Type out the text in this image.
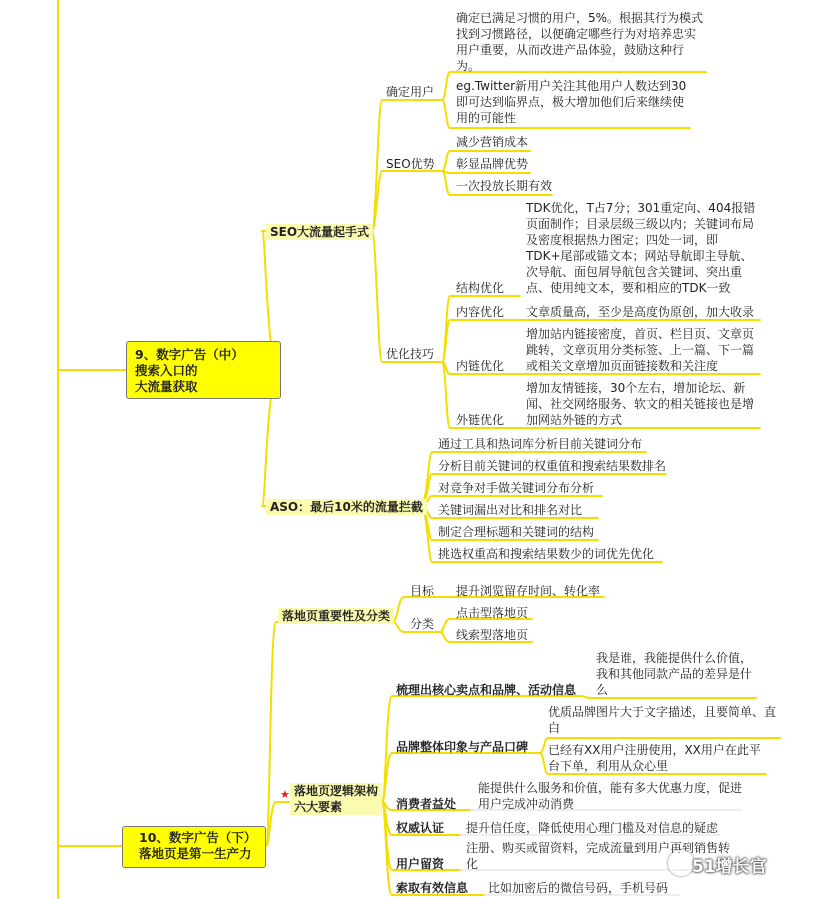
9、数字广告（中）
搜索入口的
大流量获取
SEO大流量起手式
确定用户
确定已满足习惯的用户，5%。根据其行为模式找到习惯路径，以便确定哪些行为对培养忠实用户重要，从而改进产品体验，鼓励这种行为。
eg.Twitter新用户关注其他用户人数达到30即可达到临界点，极大增加他们后来继续使用的可能性
SEO优势
减少营销成本
彰显品牌优势
一次投放长期有效
优化技巧
结构优化
TDK优化，T占7分；301重定向、404报错页面制作；目录层级三级以内；关键词布局及密度根据热力图定；四处一词，即TDK+尾部或锚文本；网站导航即主导航、次导航、面包屑导航包含关键词、突出重点、使用纯文本，要和相应的TDK一致
内容优化 文章质量高，至少是高度伪原创，加大收录
内链优化
增加站内链接密度，首页、栏目页、文章页跳转，文章页用分类标签、上一篇、下一篇或相关文章增加页面链接数和关注度
外链优化
增加友情链接，30个左右，增加论坛、新闻、社交网络服务、软文的相关链接也是增加网站外链的方式
ASO：最后10米的流量拦截
通过工具和热词库分析目前关键词分布
分析目前关键词的权重值和搜索结果数排名
对竞争对手做关键词分布分析
关键词漏出对比和排名对比
制定合理标题和关键词的结构
挑选权重高和搜索结果数少的词优先优化
10、数字广告（下）
落地页是第一生产力
落地页重要性及分类
目标 提升浏览留存时间、转化率
分类
点击型落地页
线索型落地页
★ 落地页逻辑架构
六大要素
梳理出核心卖点和品牌、活动信息
我是谁，我能提供什么价值，我和其他同款产品的差异是什么
品牌整体印象与产品口碑
优质品牌图片大于文字描述，且要简单、直白
已经有XX用户注册使用，XX用户在此平台下单，利用从众心里
消费者益处
能提供什么服务和价值，能有多大优惠力度，促进用户完成冲动消费
权威认证 提升信任度，降低使用心理门槛及对信息的疑虑
用户留资
注册、购买或留资料，完成流量到用户再到销售转化
索取有效信息 比如加密后的微信号码，手机号码
51增长官
